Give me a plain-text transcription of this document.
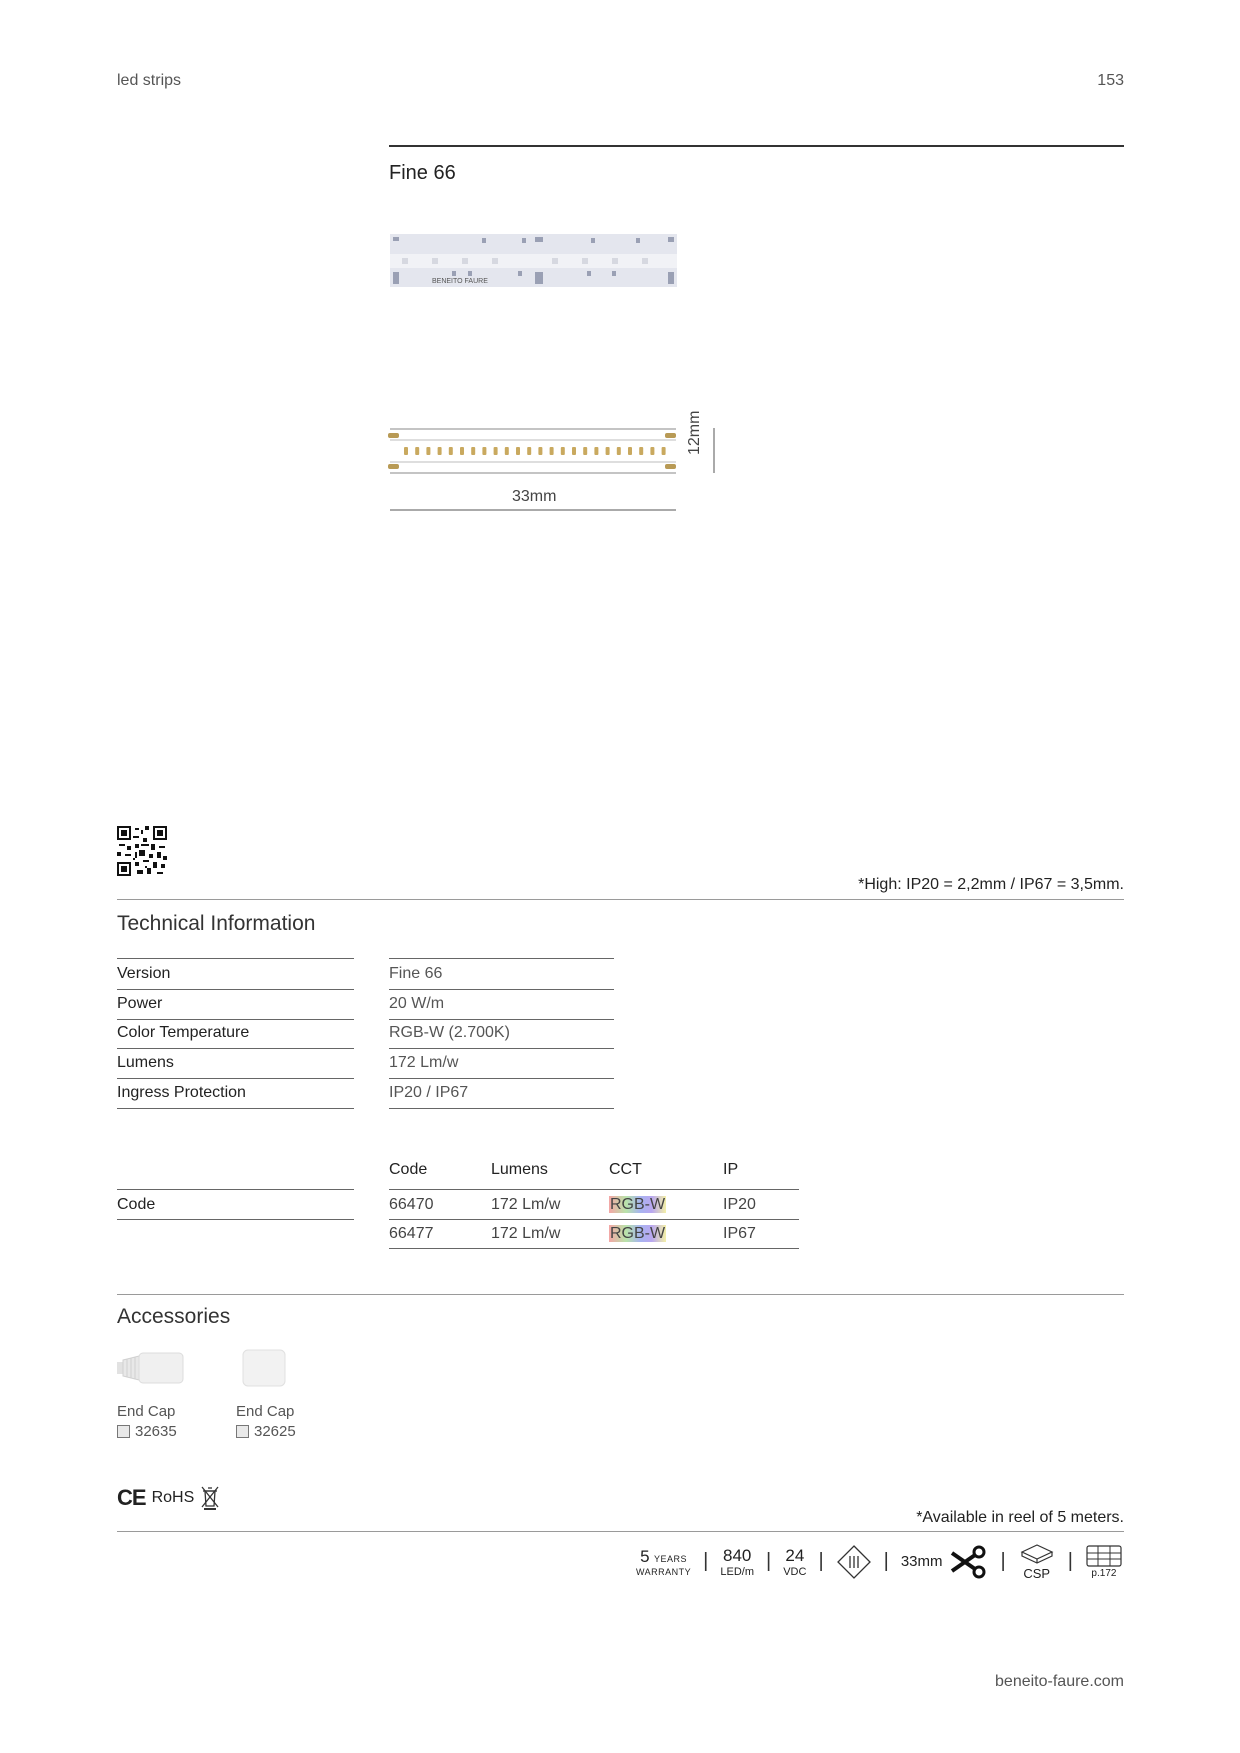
led strips	153
Fine 66
BENEITO FAURE
33mm
12mm
*High: IP20 = 2,2mm / IP67 = 3,5mm.
Technical Information
Version	Fine 66
Power	20 W/m
Color Temperature	RGB-W (2.700K)
Lumens	172 Lm/w
Ingress Protection	IP20 / IP67
Code	Lumens	CCT	IP
Code	66470	172 Lm/w	RGB-W	IP20
66477	172 Lm/w	RGB-W	IP67
Accessories
End Cap
32635
End Cap
32625
CE RoHS
*Available in reel of 5 meters.
5 YEARS
WARRANTY | 840
LED/m | 24
VDC |	| 33mm	|
CSP
|
p.172
beneito-faure.com
